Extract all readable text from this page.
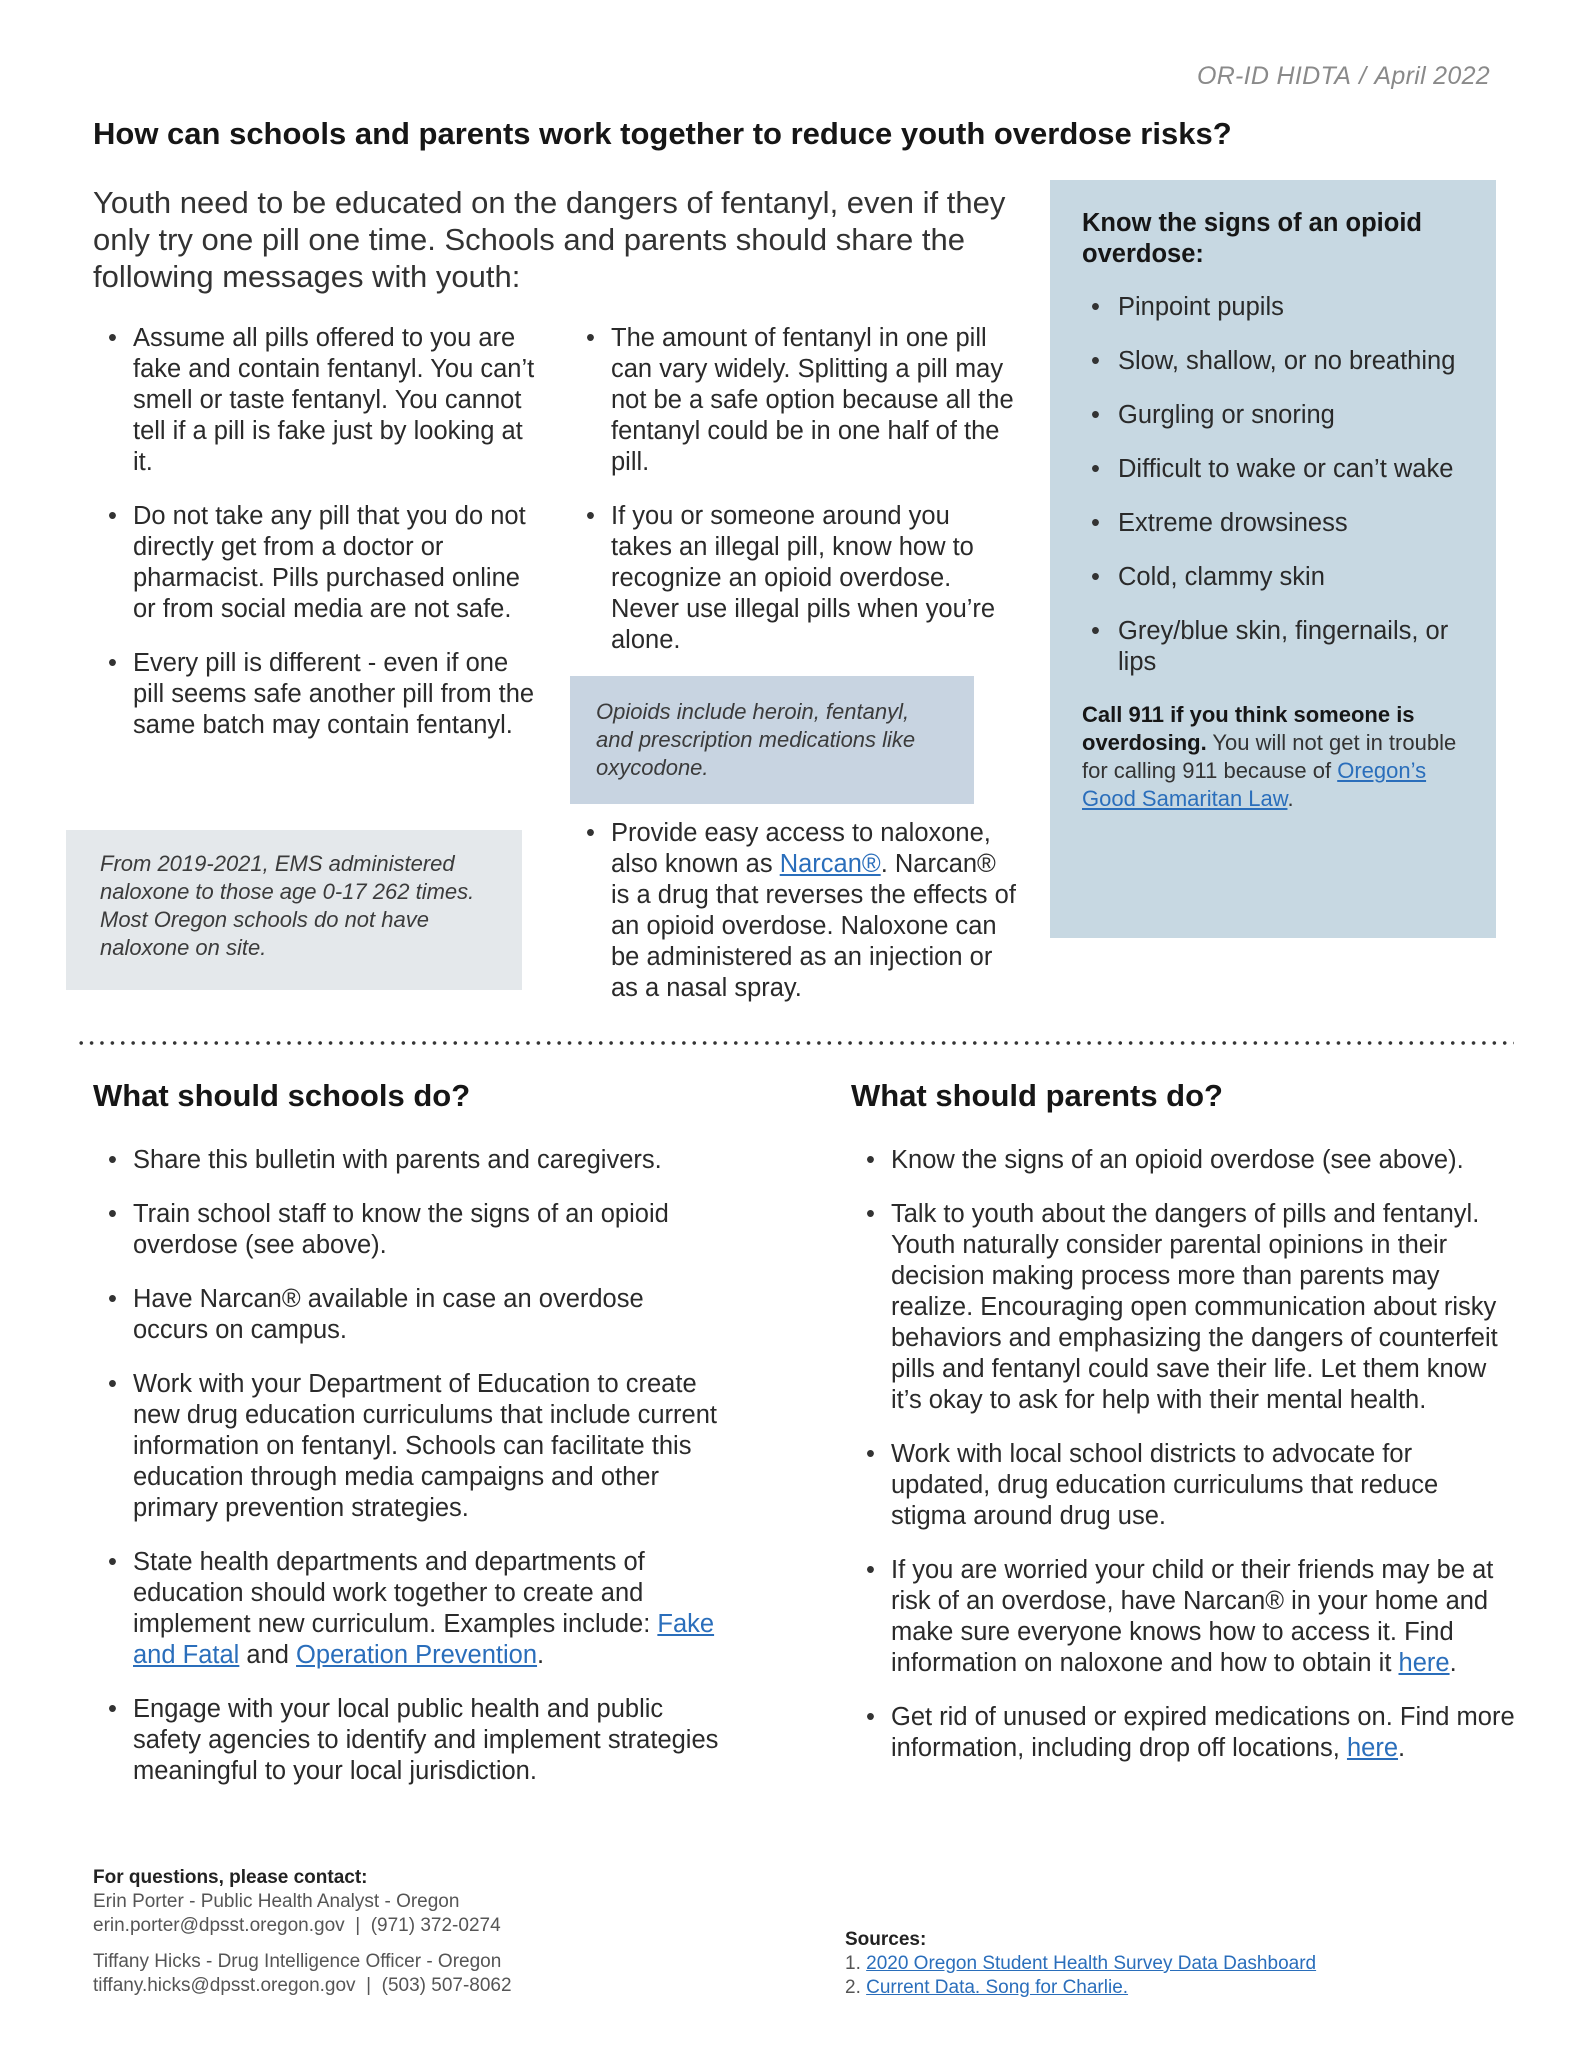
OR-ID HIDTA / April 2022
How can schools and parents work together to reduce youth overdose risks?

Youth need to be educated on the dangers of fentanyl, even if they only try one pill one time. Schools and parents should share the following messages with youth:

• Assume all pills offered to you are fake and contain fentanyl. You can’t smell or taste fentanyl. You cannot tell if a pill is fake just by looking at it.
• Do not take any pill that you do not directly get from a doctor or pharmacist. Pills purchased online or from social media are not safe.
• Every pill is different - even if one pill seems safe another pill from the same batch may contain fentanyl.
From 2019-2021, EMS administered naloxone to those age 0-17 262 times. Most Oregon schools do not have naloxone on site.
• The amount of fentanyl in one pill can vary widely. Splitting a pill may not be a safe option because all the fentanyl could be in one half of the pill.
• If you or someone around you takes an illegal pill, know how to recognize an opioid overdose. Never use illegal pills when you’re alone.
Opioids include heroin, fentanyl, and prescription medications like oxycodone.
• Provide easy access to naloxone, also known as Narcan®. Narcan® is a drug that reverses the effects of an opioid overdose. Naloxone can be administered as an injection or as a nasal spray.
Know the signs of an opioid overdose:
• Pinpoint pupils
• Slow, shallow, or no breathing
• Gurgling or snoring
• Difficult to wake or can’t wake
• Extreme drowsiness
• Cold, clammy skin
• Grey/blue skin, fingernails, or lips

Call 911 if you think someone is overdosing. You will not get in trouble for calling 911 because of Oregon’s Good Samaritan Law.

What should schools do?	What should parents do?
• Share this bulletin with parents and caregivers.
• Train school staff to know the signs of an opioid overdose (see above).
• Have Narcan® available in case an overdose occurs on campus.
• Work with your Department of Education to create new drug education curriculums that include current information on fentanyl. Schools can facilitate this education through media campaigns and other primary prevention strategies.
• State health departments and departments of education should work together to create and implement new curriculum. Examples include: Fake and Fatal and Operation Prevention.
• Engage with your local public health and public safety agencies to identify and implement strategies meaningful to your local jurisdiction.
• Know the signs of an opioid overdose (see above).
• Talk to youth about the dangers of pills and fentanyl. Youth naturally consider parental opinions in their decision making process more than parents may realize. Encouraging open communication about risky behaviors and emphasizing the dangers of counterfeit pills and fentanyl could save their life. Let them know it’s okay to ask for help with their mental health.
• Work with local school districts to advocate for updated, drug education curriculums that reduce stigma around drug use.
• If you are worried your child or their friends may be at risk of an overdose, have Narcan® in your home and make sure everyone knows how to access it. Find information on naloxone and how to obtain it here.
• Get rid of unused or expired medications on. Find more information, including drop off locations, here.
For questions, please contact:
Erin Porter - Public Health Analyst - Oregon
erin.porter@dpsst.oregon.gov | (971) 372-0274
Tiffany Hicks - Drug Intelligence Officer - Oregon
tiffany.hicks@dpsst.oregon.gov | (503) 507-8062
Sources:
1. 2020 Oregon Student Health Survey Data Dashboard
2. Current Data. Song for Charlie.
